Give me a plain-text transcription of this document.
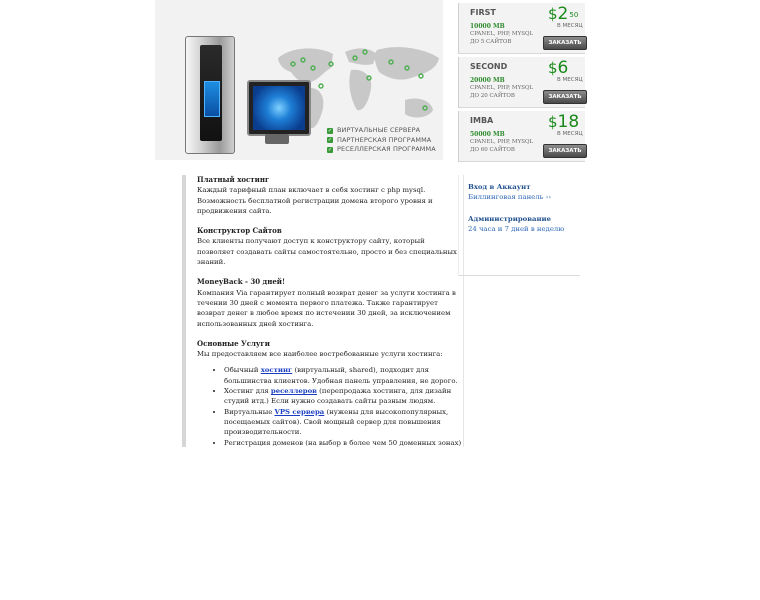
✓ ВИРТУАЛЬНЫЕ СЕРВЕРА
✓ ПАРТНЕРСКАЯ ПРОГРАММА
✓ РЕСЕЛЛЕРСКАЯ ПРОГРАММА
FIRST
10000 MB
CPANEL, PHP, MYSQL
ДО 5 САЙТОВ
$\$2^{50}$
В МЕСЯЦ
ЗАКАЗАТЬ
SECOND
20000 MB
CPANEL, PHP, MYSQL
ДО 20 САЙТОВ
$6
В МЕСЯЦ
ЗАКАЗАТЬ
IMBA
50000 MB
CPANEL, PHP, MYSQL
ДО 60 САЙТОВ
$18
В МЕСЯЦ
ЗАКАЗАТЬ
Платный хостинг

Каждый тарифный план включает в себя хостинг с php mysql. Возможность бесплатной регистрации домена второго уровня и продвижения сайта.

Конструктор Сайтов

Все клиенты получают доступ к конструктору сайту, который позволяет создавать сайты самостоятельно, просто и без специальных знаний.

MoneyBack - 30 дней!

Компания Via гарантирует полный возврат денег за услуги хостинга в течении 30 дней с момента первого платежа. Также гарантирует возврат денег в любое время по истечении 30 дней, за исключением использованных дней хостинга.

Основные Услуги

Мы предоставляем все наиболее востребованные услуги хостинга:

• Обычный хостинг (виртуальный, shared), подходит для большинства клиентов. Удобная панель управления, не дорого.
• Хостинг для реселлеров (перепродажа хостинга, для дизайн студий итд.) Если нужно создавать сайты разным людям.
• Виртуальные VPS сервера (нужены для высокопопулярных, посещаемых сайтов). Свой мощный сервер для повышения производительности.
• Регистрация доменов (на выбор в более чем 50 доменных зонах)
Вход в Аккаунт
Биллинговая панель ››
Администрирование
24 часа и 7 дней в неделю
